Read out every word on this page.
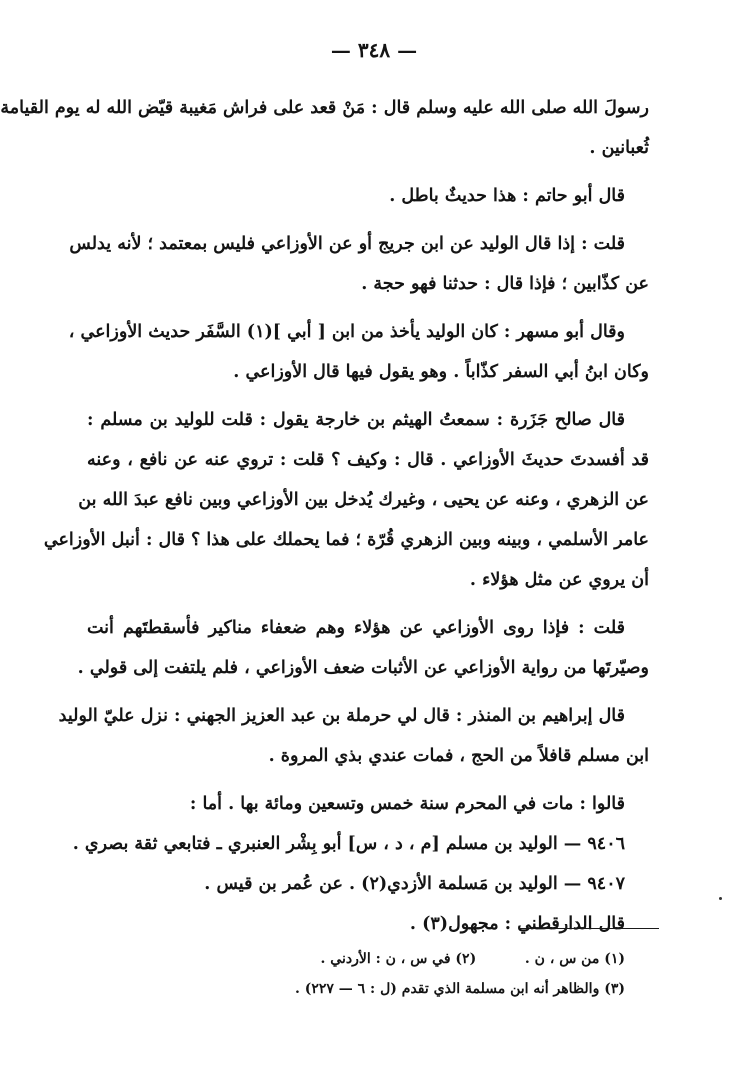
— ٣٤٨ —
رسولَ الله صلى الله عليه وسلم قال : مَنْ قعد على فراش مَغيبة قيّض الله له يوم القيامة
ثُعبانين .
قال أبو حاتم : هذا حديثٌ باطل .
قلت : إذا قال الوليد عن ابن جريج أو عن الأوزاعي فليس بمعتمد ؛ لأنه يدلس
عن كذّابين ؛ فإذا قال : حدثنا فهو حجة .
وقال أبو مسهر : كان الوليد يأخذ من ابن [ أبي ](١) السَّفَر حديث الأوزاعي ،
وكان ابنُ أبي السفر كذّاباً . وهو يقول فيها قال الأوزاعي .
قال صالح جَزَرة : سمعتُ الهيثم بن خارجة يقول : قلت للوليد بن مسلم :
قد أفسدتَ حديثَ الأوزاعي . قال : وكيف ؟ قلت : تروي عنه عن نافع ، وعنه
عن الزهري ، وعنه عن يحيى ، وغيرك يُدخل بين الأوزاعي وبين نافع عبدَ الله بن
عامر الأسلمي ، وبينه وبين الزهري قُرّة ؛ فما يحملك على هذا ؟ قال : أنبل الأوزاعي
أن يروي عن مثل هؤلاء .
قلت : فإذا روى الأوزاعي عن هؤلاء وهم ضعفاء مناكير فأسقطتَهم أنت
وصيّرتَها من رواية الأوزاعي عن الأثبات ضعف الأوزاعي ، فلم يلتفت إلى قولي .
قال إبراهيم بن المنذر : قال لي حرملة بن عبد العزيز الجهني : نزل عليّ الوليد
ابن مسلم قافلاً من الحج ، فمات عندي بذي المروة .
قالوا : مات في المحرم سنة خمس وتسعين ومائة بها . أما :
٩٤٠٦ — الوليد بن مسلم [م ، د ، س] أبو بِشْر العنبري ـ فتابعي ثقة بصري .
٩٤٠٧ — الوليد بن مَسلمة الأزدي(٢) . عن عُمر بن قيس .
قال الدارقطني : مجهول(٣) .
(١) من س ، ن .          (٢) في س ، ن : الأردني .
(٣) والظاهر أنه ابن مسلمة الذي تقدم (ل : ٦ — ٢٢٧) .
